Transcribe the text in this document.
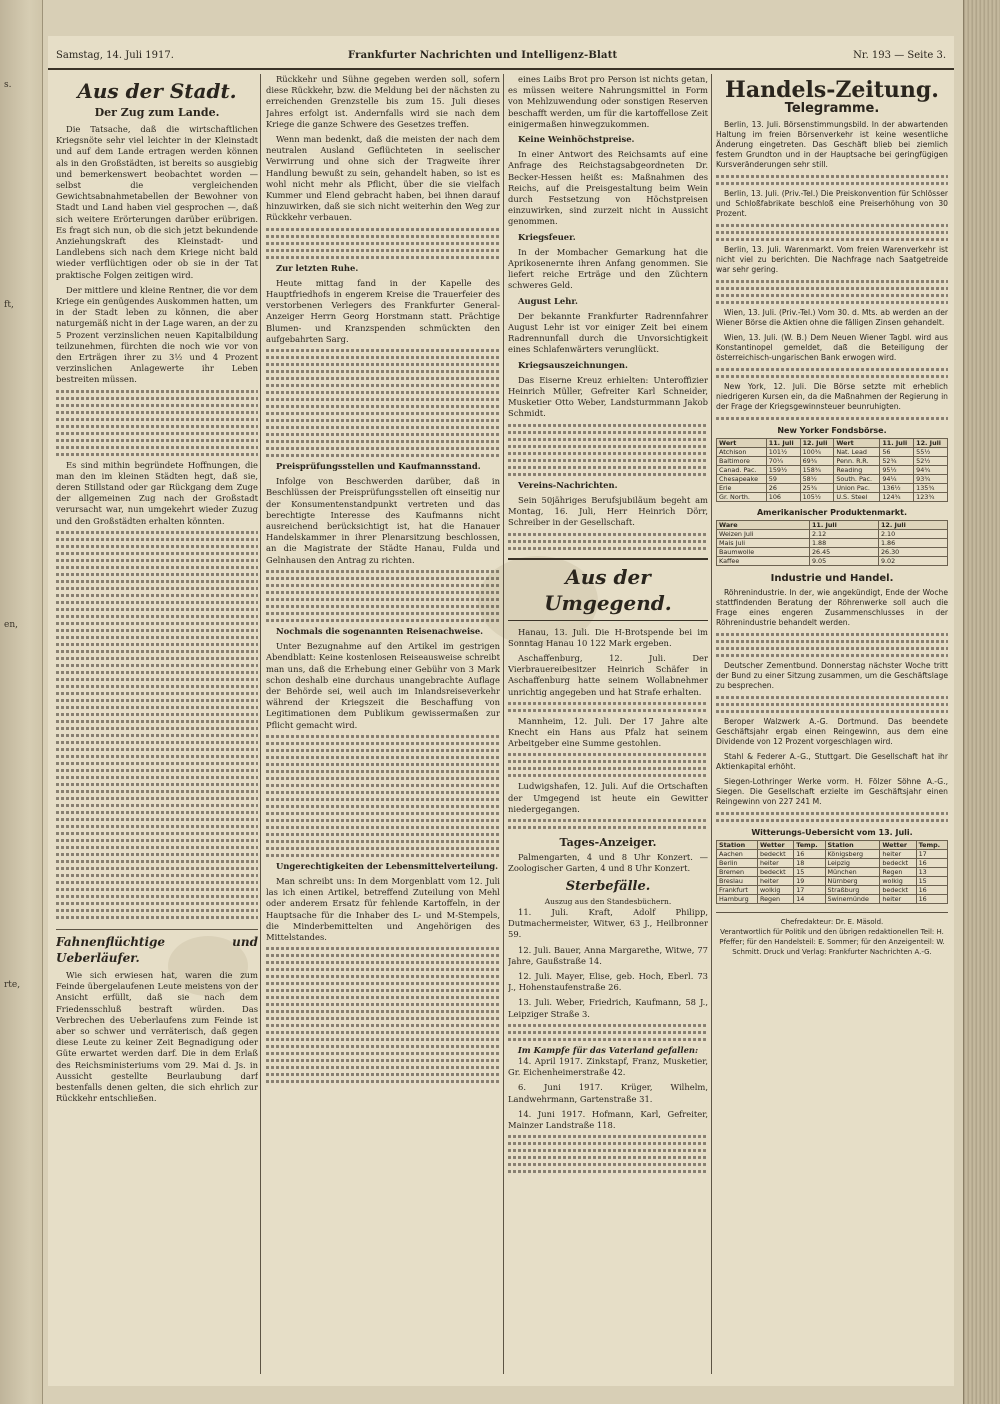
s.
ft,
en,
rte,
Samstag, 14. Juli 1917.	Frankfurter Nachrichten und Intelligenz-Blatt	Nr. 193 — Seite 3.
Aus der Stadt.
Der Zug zum Lande.

Die Tatsache, daß die wirtschaftlichen Kriegsnöte sehr viel leichter in der Kleinstadt und auf dem Lande ertragen werden können als in den Großstädten, ist bereits so ausgiebig und bemerkenswert beobachtet worden — selbst die vergleichenden Gewichtsabnahmetabellen der Bewohner von Stadt und Land haben viel gesprochen —, daß sich weitere Erörterungen darüber erübrigen. Es fragt sich nun, ob die sich jetzt bekundende Anziehungskraft des Kleinstadt- und Landlebens sich nach dem Kriege nicht bald wieder verflüchtigen oder ob sie in der Tat praktische Folgen zeitigen wird.

Der mittlere und kleine Rentner, die vor dem Kriege ein genügendes Auskommen hatten, um in der Stadt leben zu können, die aber naturgemäß nicht in der Lage waren, an der zu 5 Prozent verzinslichen neuen Kapitalbildung teilzunehmen, fürchten die noch wie vor von den Erträgen ihrer zu 3½ und 4 Prozent verzinslichen Anlagewerte ihr Leben bestreiten müssen.

Es sind mithin begründete Hoffnungen, die man den im kleinen Städten hegt, daß sie, deren Stillstand oder gar Rückgang dem Zuge der allgemeinen Zug nach der Großstadt verursacht war, nun umgekehrt wieder Zuzug und den Großstädten erhalten könnten.

Fahnenflüchtige und Ueberläufer.

Wie sich erwiesen hat, waren die zum Feinde übergelaufenen Leute meistens von der Ansicht erfüllt, daß sie nach dem Friedensschluß bestraft würden. Das Verbrechen des Ueberlaufens zum Feinde ist aber so schwer und verräterisch, daß gegen diese Leute zu keiner Zeit Begnadigung oder Güte erwartet werden darf. Die in dem Erlaß des Reichsministeriums vom 29. Mai d. Js. in Aussicht gestellte Beurlaubung darf bestenfalls denen gelten, die sich ehrlich zur Rückkehr entschließen.

Rückkehr und Sühne gegeben werden soll, sofern diese Rückkehr, bzw. die Meldung bei der nächsten zu erreichenden Grenzstelle bis zum 15. Juli dieses Jahres erfolgt ist. Andernfalls wird sie nach dem Kriege die ganze Schwere des Gesetzes treffen.

Wenn man bedenkt, daß die meisten der nach dem neutralen Ausland Geflüchteten in seelischer Verwirrung und ohne sich der Tragweite ihrer Handlung bewußt zu sein, gehandelt haben, so ist es wohl nicht mehr als Pflicht, über die sie vielfach Kummer und Elend gebracht haben, bei ihnen darauf hinzuwirken, daß sie sich nicht weiterhin den Weg zur Rückkehr verbauen.

Zur letzten Ruhe.

Heute mittag fand in der Kapelle des Hauptfriedhofs in engerem Kreise die Trauerfeier des verstorbenen Verlegers des Frankfurter General-Anzeiger Herrn Georg Horstmann statt. Prächtige Blumen- und Kranzspenden schmückten den aufgebahrten Sarg.

Preisprüfungsstellen und Kaufmannsstand.

Infolge von Beschwerden darüber, daß in Beschlüssen der Preisprüfungsstellen oft einseitig nur der Konsumentenstandpunkt vertreten und das berechtigte Interesse des Kaufmanns nicht ausreichend berücksichtigt ist, hat die Hanauer Handelskammer in ihrer Plenarsitzung beschlossen, an die Magistrate der Städte Hanau, Fulda und Gelnhausen den Antrag zu richten.

Nochmals die sogenannten Reisenachweise.

Unter Bezugnahme auf den Artikel im gestrigen Abendblatt: Keine kostenlosen Reiseausweise schreibt man uns, daß die Erhebung einer Gebühr von 3 Mark schon deshalb eine durchaus unangebrachte Auflage der Behörde sei, weil auch im Inlandsreiseverkehr während der Kriegszeit die Beschaffung von Legitimationen dem Publikum gewissermaßen zur Pflicht gemacht wird.

Ungerechtigkeiten der Lebensmittelverteilung.

Man schreibt uns: In dem Morgenblatt vom 12. Juli las ich einen Artikel, betreffend Zuteilung von Mehl oder anderem Ersatz für fehlende Kartoffeln, in der Hauptsache für die Inhaber des L- und M-Stempels, die Minderbemittelten und Angehörigen des Mittelstandes.

eines Laibs Brot pro Person ist nichts getan, es müssen weitere Nahrungsmittel in Form von Mehlzuwendung oder sonstigen Reserven beschafft werden, um für die kartoffellose Zeit einigermaßen hinwegzukommen.

Keine Weinhöchstpreise.

In einer Antwort des Reichsamts auf eine Anfrage des Reichstagsabgeordneten Dr. Becker-Hessen heißt es: Maßnahmen des Reichs, auf die Preisgestaltung beim Wein durch Festsetzung von Höchstpreisen einzuwirken, sind zurzeit nicht in Aussicht genommen.

Kriegsfeuer.

In der Mombacher Gemarkung hat die Aprikosenernte ihren Anfang genommen. Sie liefert reiche Erträge und den Züchtern schweres Geld.

August Lehr.

Der bekannte Frankfurter Radrennfahrer August Lehr ist vor einiger Zeit bei einem Radrennunfall durch die Unvorsichtigkeit eines Schlafenwärters verunglückt.

Kriegsauszeichnungen.

Das Eiserne Kreuz erhielten: Unteroffizier Heinrich Müller, Gefreiter Karl Schneider, Musketier Otto Weber, Landsturmmann Jakob Schmidt.

Vereins-Nachrichten.

Sein 50jähriges Berufsjubiläum begeht am Montag, 16. Juli, Herr Heinrich Dörr, Schreiber in der Gesellschaft.

Aus der Umgegend.

Hanau, 13. Juli. Die H-Brotspende bei im Sonntag Hanau 10 122 Mark ergeben.

Aschaffenburg, 12. Juli. Der Vierbrauereibesitzer Heinrich Schäfer in Aschaffenburg hatte seinem Wollabnehmer unrichtig angegeben und hat Strafe erhalten.

Mannheim, 12. Juli. Der 17 Jahre alte Knecht ein Hans aus Pfalz hat seinem Arbeitgeber eine Summe gestohlen.

Ludwigshafen, 12. Juli. Auf die Ortschaften der Umgegend ist heute ein Gewitter niedergegangen.

Tages-Anzeiger.

Palmengarten, 4 und 8 Uhr Konzert. — Zoologischer Garten, 4 und 8 Uhr Konzert.

Sterbefälle.
Auszug aus den Standesbüchern.

11. Juli. Kraft, Adolf Philipp, Dutmachermeister, Witwer, 63 J., Heilbronner 59.

12. Juli. Bauer, Anna Margarethe, Witwe, 77 Jahre, Gaußstraße 14.

12. Juli. Mayer, Elise, geb. Hoch, Eberl. 73 J., Hohenstaufenstraße 26.

13. Juli. Weber, Friedrich, Kaufmann, 58 J., Leipziger Straße 3.

Im Kampfe für das Vaterland gefallen:

14. April 1917. Zinkstapf, Franz, Musketier, Gr. Eichenheimerstraße 42.

6. Juni 1917. Krüger, Wilhelm, Landwehrmann, Gartenstraße 31.

14. Juni 1917. Hofmann, Karl, Gefreiter, Mainzer Landstraße 118.

Handels-Zeitung.
Telegramme.

Berlin, 13. Juli. Börsenstimmungsbild. In der abwartenden Haltung im freien Börsenverkehr ist keine wesentliche Änderung eingetreten. Das Geschäft blieb bei ziemlich festem Grundton und in der Hauptsache bei geringfügigen Kursveränderungen sehr still.

Berlin, 13. Juli. (Priv.-Tel.) Die Preiskonvention für Schlösser und Schloßfabrikate beschloß eine Preiserhöhung von 30 Prozent.

Berlin, 13. Juli. Warenmarkt. Vom freien Warenverkehr ist nicht viel zu berichten. Die Nachfrage nach Saatgetreide war sehr gering.

Wien, 13. Juli. (Priv.-Tel.) Vom 30. d. Mts. ab werden an der Wiener Börse die Aktien ohne die fälligen Zinsen gehandelt.

Wien, 13. Juli. (W. B.) Dem Neuen Wiener Tagbl. wird aus Konstantinopel gemeldet, daß die Beteiligung der österreichisch-ungarischen Bank erwogen wird.

New York, 12. Juli. Die Börse setzte mit erheblich niedrigeren Kursen ein, da die Maßnahmen der Regierung in der Frage der Kriegsgewinnsteuer beunruhigten.

New Yorker Fondsbörse.
Wert	11. Juli	12. Juli	Wert	11. Juli	12. Juli
Atchison	101½	100¾	Nat. Lead	56	55½
Baltimore	70¼	69¾	Penn. R.R.	52¾	52½
Canad. Pac.	159½	158¾	Reading	95½	94¾
Chesapeake	59	58½	South. Pac.	94¼	93¾
Erie	26	25¾	Union Pac.	136½	135¾
Gr. North.	106	105½	U.S. Steel	124¾	123¾
Amerikanischer Produktenmarkt.
Ware	11. Juli	12. Juli
Weizen Juli	2.12	2.10
Mais Juli	1.88	1.86
Baumwolle	26.45	26.30
Kaffee	9.05	9.02
Industrie und Handel.

Röhrenindustrie. In der, wie angekündigt, Ende der Woche stattfindenden Beratung der Röhrenwerke soll auch die Frage eines engeren Zusammenschlusses in der Röhrenindustrie behandelt werden.

Deutscher Zementbund. Donnerstag nächster Woche tritt der Bund zu einer Sitzung zusammen, um die Geschäftslage zu besprechen.

Beroper Walzwerk A.-G. Dortmund. Das beendete Geschäftsjahr ergab einen Reingewinn, aus dem eine Dividende von 12 Prozent vorgeschlagen wird.

Stahl & Federer A.-G., Stuttgart. Die Gesellschaft hat ihr Aktienkapital erhöht.

Siegen-Lothringer Werke vorm. H. Fölzer Söhne A.-G., Siegen. Die Gesellschaft erzielte im Geschäftsjahr einen Reingewinn von 227 241 M.

Witterungs-Uebersicht vom 13. Juli.
Station	Wetter	Temp.	Station	Wetter	Temp.
Aachen	bedeckt	16	Königsberg	heiter	17
Berlin	heiter	18	Leipzig	bedeckt	16
Bremen	bedeckt	15	München	Regen	13
Breslau	heiter	19	Nürnberg	wolkig	15
Frankfurt	wolkig	17	Straßburg	bedeckt	16
Hamburg	Regen	14	Swinemünde	heiter	16
Chefredakteur: Dr. E. Mäsold.
Verantwortlich für Politik und den übrigen redaktionellen Teil: H. Pfeffer; für den Handelsteil: E. Sommer; für den Anzeigenteil: W. Schmitt. Druck und Verlag: Frankfurter Nachrichten A.-G.
